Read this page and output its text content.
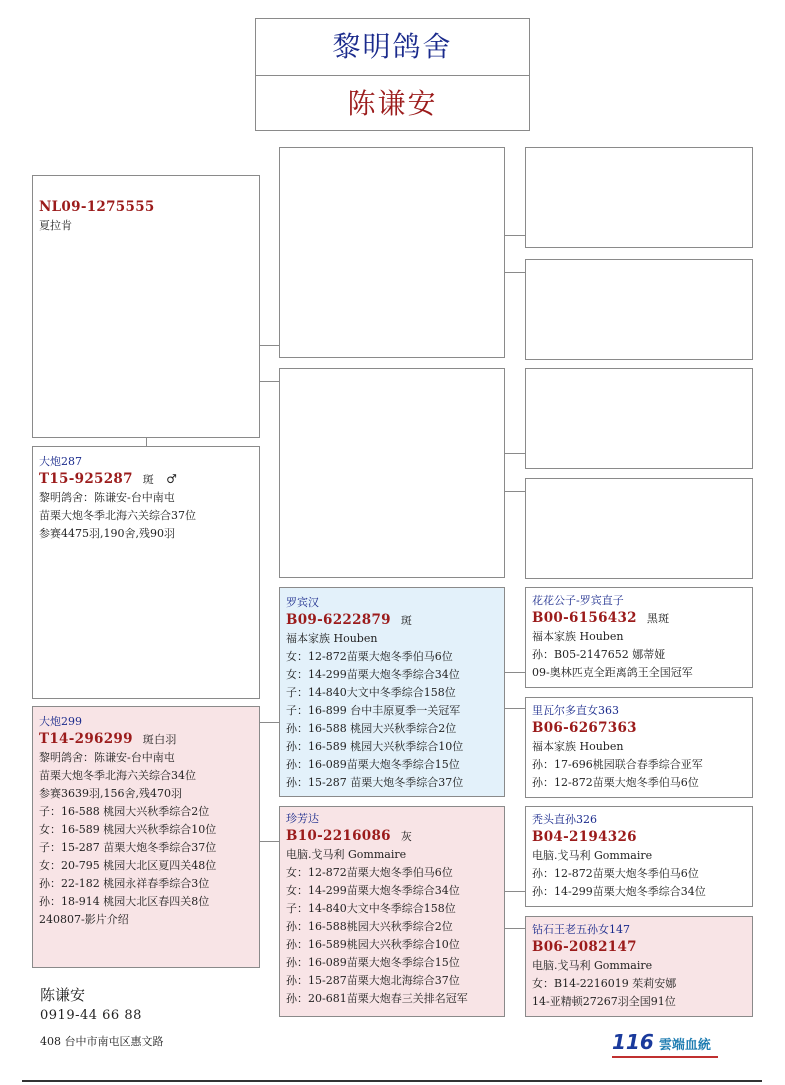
黎明鸽舍
陈谦安
NL09-1275555
夏拉肯
大炮287
T15-925287 斑 ♂
黎明鸽舍：陈谦安-台中南屯
苗栗大炮冬季北海六关综合37位
参赛4475羽,190舍,残90羽
大炮299
T14-296299 斑白羽
黎明鸽舍：陈谦安-台中南屯
苗栗大炮冬季北海六关综合34位
参赛3639羽,156舍,残470羽
子：16-588 桃园大兴秋季综合2位
女：16-589 桃园大兴秋季综合10位
子：15-287 苗栗大炮冬季综合37位
女：20-795 桃园大北区夏四关48位
孙：22-182 桃园永祥春季综合3位
孙：18-914 桃园大北区春四关8位
240807-影片介绍
罗宾汉
B09-6222879 斑
福本家族 Houben
女：12-872苗栗大炮冬季伯马6位
女：14-299苗栗大炮冬季综合34位
子：14-840大文中冬季综合158位
子：16-899 台中丰原夏季一关冠军
孙：16-588 桃园大兴秋季综合2位
孙：16-589 桃园大兴秋季综合10位
孙：16-089苗栗大炮冬季综合15位
孙：15-287 苗栗大炮冬季综合37位
珍芳达
B10-2216086 灰
电脑.戈马利 Gommaire
女：12-872苗栗大炮冬季伯马6位
女：14-299苗栗大炮冬季综合34位
子：14-840大文中冬季综合158位
孙：16-588桃园大兴秋季综合2位
孙：16-589桃园大兴秋季综合10位
孙：16-089苗栗大炮冬季综合15位
孙：15-287苗栗大炮北海综合37位
孙：20-681苗栗大炮春三关排名冠军
花花公子-罗宾直子
B00-6156432 黑斑
福本家族 Houben
孙：B05-2147652 娜蒂娅
09-奥林匹克全距离鸽王全国冠军
里瓦尔多直女363
B06-6267363
福本家族 Houben
孙：17-696桃园联合春季综合亚军
孙：12-872苗栗大炮冬季伯马6位
秃头直孙326
B04-2194326
电脑.戈马利 Gommaire
孙：12-872苗栗大炮冬季伯马6位
孙：14-299苗栗大炮冬季综合34位
钻石王老五孙女147
B06-2082147
电脑.戈马利 Gommaire
女：B14-2216019 茱莉安娜
14-亚精顿27267羽全国91位
陈谦安
0919-44 66 88
408 台中市南屯区惠文路	116 雲端血統
